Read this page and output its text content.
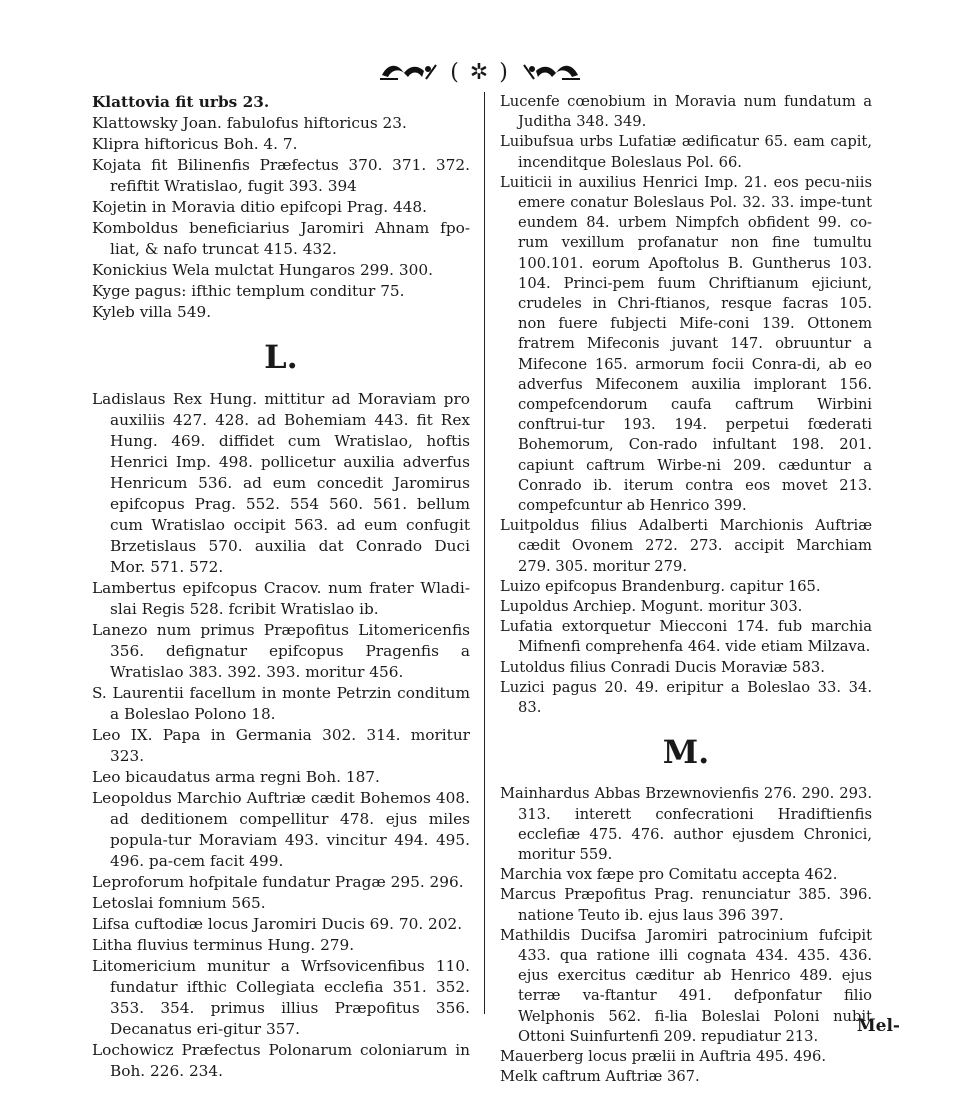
( ✲ )
Klattovia fit urbs 23.
Klattowsky Joan. fabulofus hiftoricus 23.
Klipra hiftoricus Boh. 4. 7.
Kojata fit Bilinenfis Præfectus 370. 371. 372. refiftit Wratislao, fugit 393. 394
Kojetin in Moravia ditio epifcopi Prag. 448.
Komboldus beneficiarius Jaromiri Ahnam fpo-liat, & nafo truncat 415. 432.
Konickius Wela mulctat Hungaros 299. 300.
Kyge pagus: ifthic templum conditur 75.
Kyleb villa 549.
L.
Ladislaus Rex Hung. mittitur ad Moraviam pro auxiliis 427. 428. ad Bohemiam 443. fit Rex Hung. 469. diffidet cum Wratislao, hoftis Henrici Imp. 498. pollicetur auxilia adverfus Henricum 536. ad eum concedit Jaromirus epifcopus Prag. 552. 554 560. 561. bellum cum Wratislao occipit 563. ad eum confugit Brzetislaus 570. auxilia dat Conrado Duci Mor. 571. 572.
Lambertus epifcopus Cracov. num frater Wladi-slai Regis 528. fcribit Wratislao ib.
Lanezo num primus Præpofitus Litomericenfis 356. defignatur epifcopus Pragenfis a Wratislao 383. 392. 393. moritur 456.
S. Laurentii facellum in monte Petrzin conditum a Boleslao Polono 18.
Leo IX. Papa in Germania 302. 314. moritur 323.
Leo bicaudatus arma regni Boh. 187.
Leopoldus Marchio Auftriæ cædit Bohemos 408. ad deditionem compellitur 478. ejus miles popula-tur Moraviam 493. vincitur 494. 495. 496. pa-cem facit 499.
Leproforum hofpitale fundatur Pragæ 295. 296.
Letoslai fomnium 565.
Lifsa cuftodiæ locus Jaromiri Ducis 69. 70. 202.
Litha fluvius terminus Hung. 279.
Litomericium munitur a Wrfsovicenfibus 110. fundatur ifthic Collegiata ecclefia 351. 352. 353. 354. primus illius Præpofitus 356. Decanatus eri-gitur 357.
Lochowicz Præfectus Polonarum coloniarum in Boh. 226. 234.
Lucenfe cœnobium in Moravia num fundatum a Juditha 348. 349.
Luibufsua urbs Lufatiæ ædificatur 65. eam capit, incenditque Boleslaus Pol. 66.
Luiticii in auxilius Henrici Imp. 21. eos pecu-niis emere conatur Boleslaus Pol. 32. 33. impe-tunt eundem 84. urbem Nimpfch obfident 99. co-rum vexillum profanatur non fine tumultu 100.101. eorum Apoftolus B. Guntherus 103. 104. Princi-pem fuum Chriftianum ejiciunt, crudeles in Chri-ftianos, resque facras 105. non fuere fubjecti Mife-coni 139. Ottonem fratrem Mifeconis juvant 147. obruuntur a Mifecone 165. armorum focii Conra-di, ab eo adverfus Mifeconem auxilia implorant 156. compefcendorum caufa caftrum Wirbini conftrui-tur 193. 194. perpetui fœderati Bohemorum, Con-rado infultant 198. 201. capiunt caftrum Wirbe-ni 209. cæduntur a Conrado ib. iterum contra eos movet 213. compefcuntur ab Henrico 399.
Luitpoldus filius Adalberti Marchionis Auftriæ cædit Ovonem 272. 273. accipit Marchiam 279. 305. moritur 279.
Luizo epifcopus Brandenburg. capitur 165.
Lupoldus Archiep. Mogunt. moritur 303.
Lufatia extorquetur Miecconi 174. fub marchia Mifnenfi comprehenfa 464. vide etiam Milzava.
Lutoldus filius Conradi Ducis Moraviæ 583.
Luzici pagus 20. 49. eripitur a Boleslao 33. 34. 83.
M.
Mainhardus Abbas Brzewnovienfis 276. 290. 293. 313. interett confecrationi Hradiftienfis ecclefiæ 475. 476. author ejusdem Chronici, moritur 559.
Marchia vox fæpe pro Comitatu accepta 462.
Marcus Præpofitus Prag. renunciatur 385. 396. natione Teuto ib. ejus laus 396 397.
Mathildis Ducifsa Jaromiri patrocinium fufcipit 433. qua ratione illi cognata 434. 435. 436. ejus exercitus cæditur ab Henrico 489. ejus terræ va-ftantur 491. defponfatur filio Welphonis 562. fi-lia Boleslai Poloni nubit Ottoni Suinfurtenfi 209. repudiatur 213.
Mauerberg locus prælii in Auftria 495. 496.
Melk caftrum Auftriæ 367.
Mel-
